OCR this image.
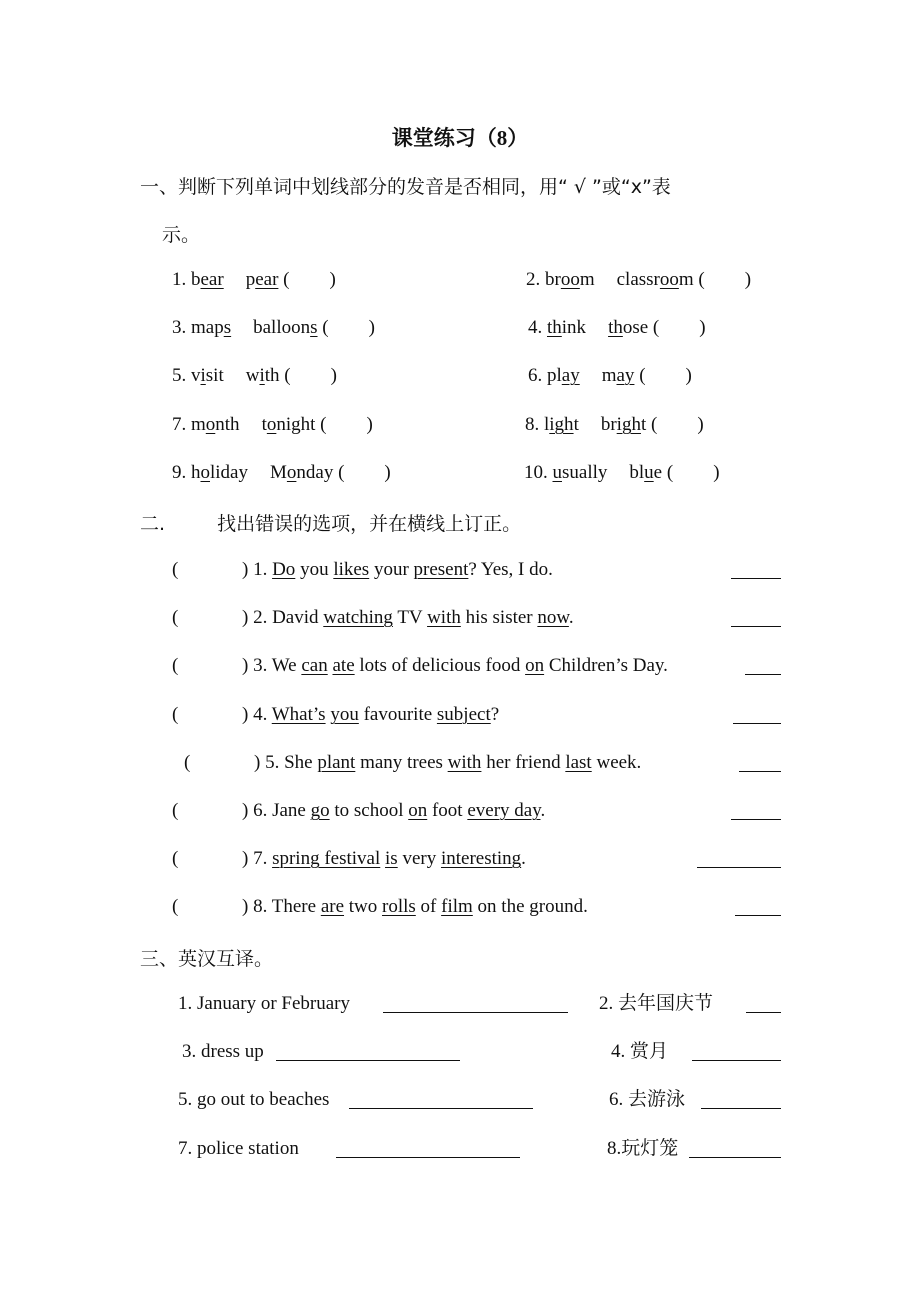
课堂练习（8）
一、判断下列单词中划线部分的发音是否相同，用“ √ ”或“x”表
示。
1. bear pear ( )	2. broom classroom ( )
3. maps balloons ( )	4. think those ( )
5. visit with ( )	6. play may ( )
7. month tonight ( )	8. light bright ( )
9. holiday Monday ( )	10. usually blue ( )
二.	找出错误的选项，并在横线上订正。
(	) 1. Do you likes your present? Yes, I do.
(	) 2. David watching TV with his sister now.
(	) 3. We can ate lots of delicious food on Children’s Day.
(	) 4. What’s you favourite subject?
(	) 5. She plant many trees with her friend last week.
(	) 6. Jane go to school on foot every day.
(	) 7. spring festival is very interesting.
(	) 8. There are two rolls of film on the ground.
三、英汉互译。
1. January or February	2. 去年国庆节
3. dress up	4. 赏月
5. go out to beaches	6. 去游泳
7. police station	8.玩灯笼
